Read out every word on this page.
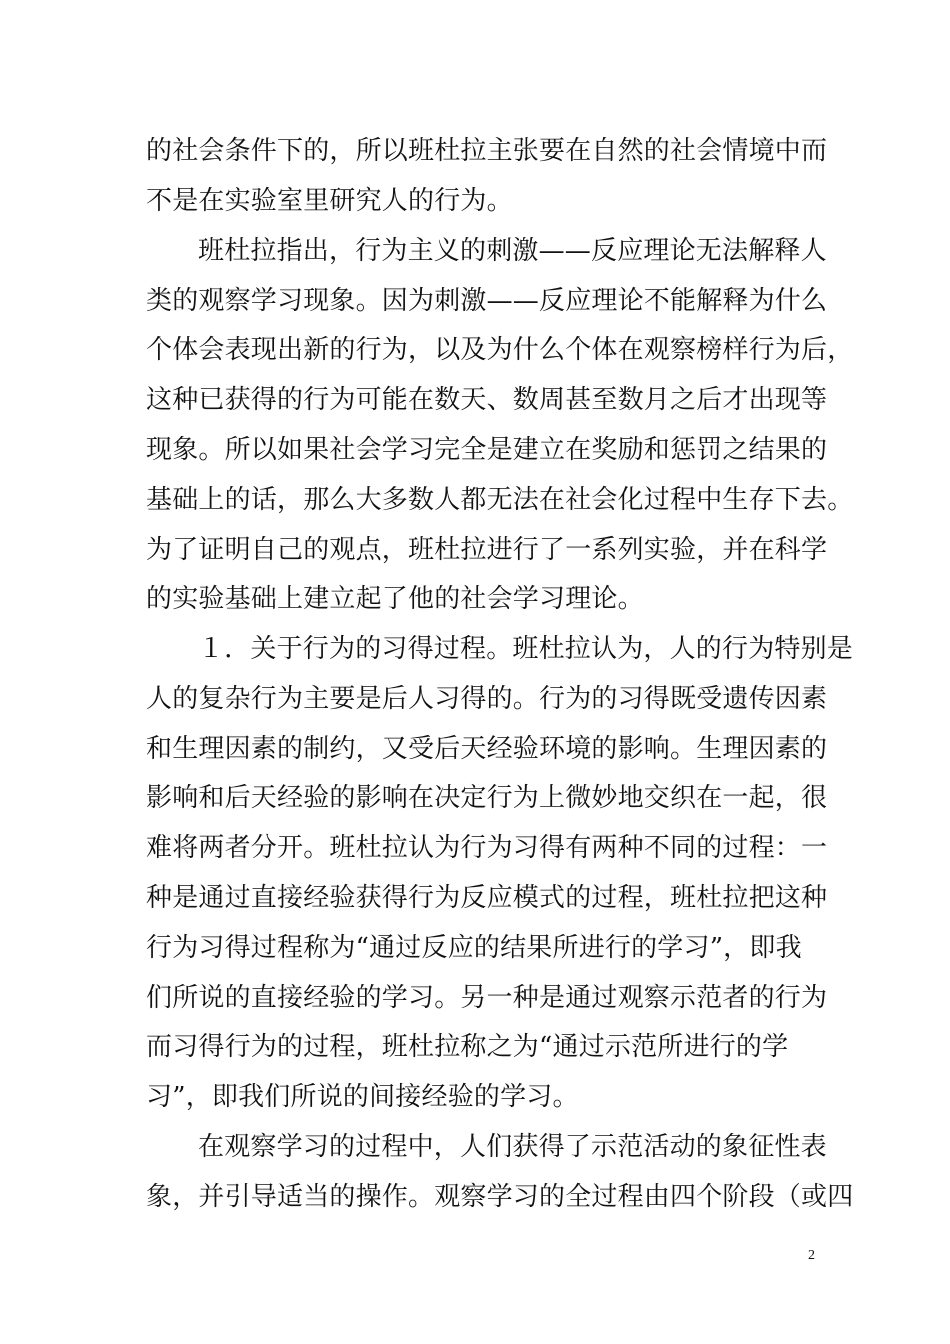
的社会条件下的，所以班杜拉主张要在自然的社会情境中而
不是在实验室里研究人的行为。
班杜拉指出，行为主义的刺激——反应理论无法解释人
类的观察学习现象。因为刺激——反应理论不能解释为什么
个体会表现出新的行为，以及为什么个体在观察榜样行为后，
这种已获得的行为可能在数天、数周甚至数月之后才出现等
现象。所以如果社会学习完全是建立在奖励和惩罚之结果的
基础上的话，那么大多数人都无法在社会化过程中生存下去。
为了证明自己的观点，班杜拉进行了一系列实验，并在科学
的实验基础上建立起了他的社会学习理论。
１．关于行为的习得过程。班杜拉认为，人的行为特别是
人的复杂行为主要是后人习得的。行为的习得既受遗传因素
和生理因素的制约，又受后天经验环境的影响。生理因素的
影响和后天经验的影响在决定行为上微妙地交织在一起，很
难将两者分开。班杜拉认为行为习得有两种不同的过程：一
种是通过直接经验获得行为反应模式的过程，班杜拉把这种
行为习得过程称为“通过反应的结果所进行的学习”，即我
们所说的直接经验的学习。另一种是通过观察示范者的行为
而习得行为的过程，班杜拉称之为“通过示范所进行的学
习”，即我们所说的间接经验的学习。
在观察学习的过程中，人们获得了示范活动的象征性表
象，并引导适当的操作。观察学习的全过程由四个阶段（或四
2
